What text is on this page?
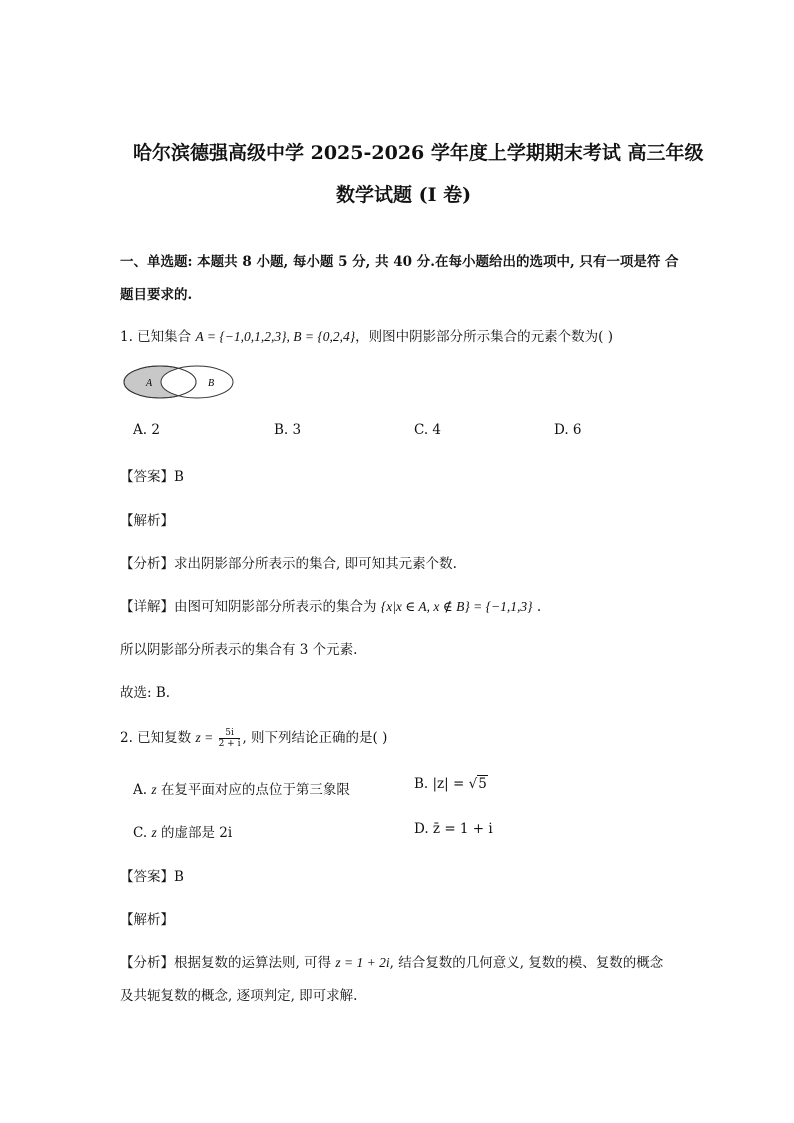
哈尔滨德强高级中学 2025-2026 学年度上学期期末考试 高三年级
数学试题 (I 卷)
一、单选题: 本题共 8 小题, 每小题 5 分, 共 40 分.在每小题给出的选项中, 只有一项是符 合
题目要求的.
1. 已知集合 A = {−1,0,1,2,3}, B = {0,2,4}，则图中阴影部分所示集合的元素个数为( )
A	B
A. 2	B. 3	C. 4	D. 6
【答案】B
【解析】
【分析】求出阴影部分所表示的集合, 即可知其元素个数.
【详解】由图可知阴影部分所表示的集合为 {x|x ∈ A, x ∉ B} = {−1,1,3} .
所以阴影部分所表示的集合有 3 个元素.
故选: B.
2. 已知复数 $z = \frac{5i}{2 + i}$ , 则下列结论正确的是( )
A. z 在复平面对应的点位于第三象限	B. |z| = √5
C. z 的虚部是 2i	D. z̄ = 1 + i
【答案】B
【解析】
【分析】根据复数的运算法则, 可得 z = 1 + 2i, 结合复数的几何意义, 复数的模、复数的概念
及共轭复数的概念, 逐项判定, 即可求解.
